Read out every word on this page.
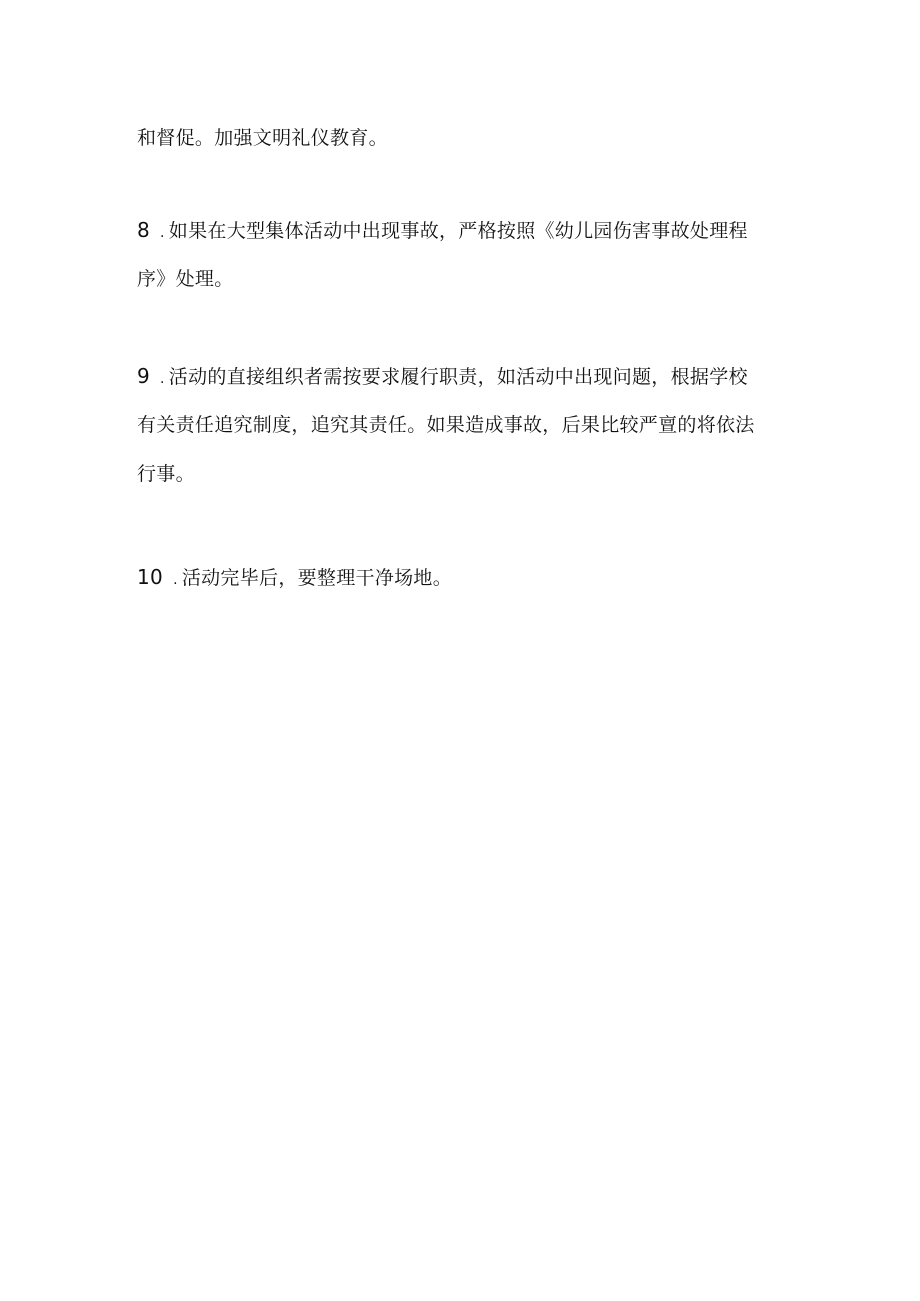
和督促。加强文明礼仪教育。
8 . 如果在大型集体活动中出现事故，严格按照《幼儿园伤害事故处理程
序》处理。
9 . 活动的直接组织者需按要求履行职责，如活动中出现问题，根据学校
有关责任追究制度，追究其责任。如果造成事故，后果比较严亶的将依法
行事。
10 . 活动完毕后，要整理干净场地。
